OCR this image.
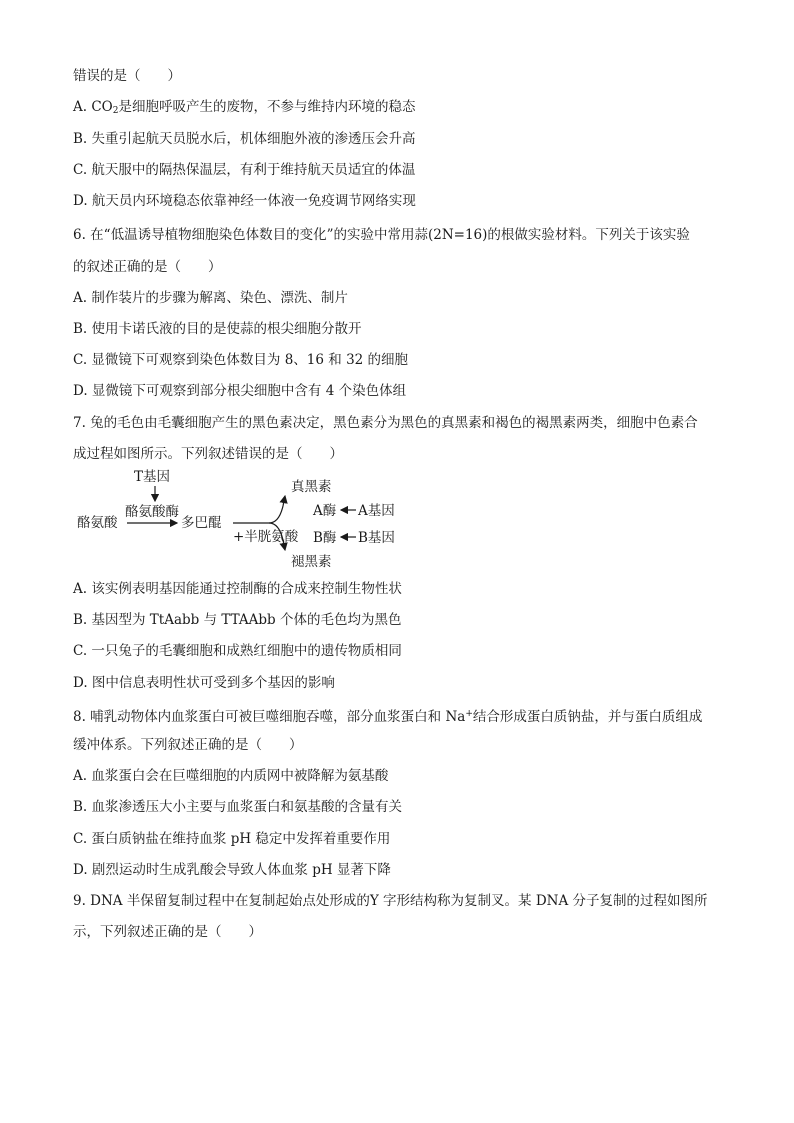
错误的是（　　）
A. $CO_2$是细胞呼吸产生的废物，不参与维持内环境的稳态
B. 失重引起航天员脱水后，机体细胞外液的渗透压会升高
C. 航天服中的隔热保温层，有利于维持航天员适宜的体温
D. 航天员内环境稳态依靠神经一体液一免疫调节网络实现
6. 在“低温诱导植物细胞染色体数目的变化”的实验中常用蒜(2N=16)的根做实验材料。下列关于该实验
的叙述正确的是（　　）
A. 制作装片的步骤为解离、染色、漂洗、制片
B. 使用卡诺氏液的目的是使蒜的根尖细胞分散开
C. 显微镜下可观察到染色体数目为 8、16 和 32 的细胞
D. 显微镜下可观察到部分根尖细胞中含有 4 个染色体组
7. 兔的毛色由毛囊细胞产生的黑色素决定，黑色素分为黑色的真黑素和褐色的褐黑素两类，细胞中色素合
成过程如图所示。下列叙述错误的是（　　）
T基因
酪氨酸酶
酪氨酸	多巴醌
+半胱氨酸
真黑素
A酶 A基因
B酶 B基因
褪黑素
A. 该实例表明基因能通过控制酶的合成来控制生物性状
B. 基因型为 TtAabb 与 TTAAbb 个体的毛色均为黑色
C. 一只兔子的毛囊细胞和成熟红细胞中的遗传物质相同
D. 图中信息表明性状可受到多个基因的影响
8. 哺乳动物体内血浆蛋白可被巨噬细胞吞噬，部分血浆蛋白和 Na+结合形成蛋白质钠盐，并与蛋白质组成
缓冲体系。下列叙述正确的是（　　）
A. 血浆蛋白会在巨噬细胞的内质网中被降解为氨基酸
B. 血浆渗透压大小主要与血浆蛋白和氨基酸的含量有关
C. 蛋白质钠盐在维持血浆 pH 稳定中发挥着重要作用
D. 剧烈运动时生成乳酸会导致人体血浆 pH 显著下降
9. DNA 半保留复制过程中在复制起始点处形成的Y 字形结构称为复制叉。某 DNA 分子复制的过程如图所
示，下列叙述正确的是（　　）
